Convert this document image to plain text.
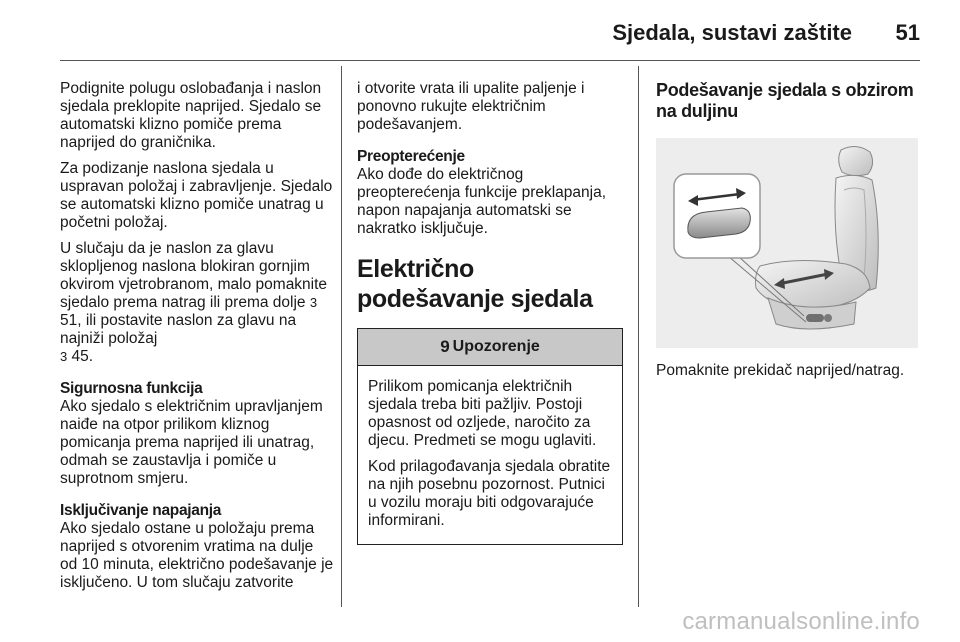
Sjedala, sustavi zaštite 51

Podignite polugu oslobađanja i naslon sjedala preklopite naprijed. Sjedalo se automatski klizno pomiče prema naprijed do graničnika.

Za podizanje naslona sjedala u uspravan položaj i zabravljenje. Sjedalo se automatski klizno pomiče unatrag u početni položaj.

U slučaju da je naslon za glavu sklopljenog naslona blokiran gornjim okvirom vjetrobranom, malo pomaknite sjedalo prema natrag ili prema dolje 3 51, ili postavite naslon za glavu na najniži položaj
3 45.

Sigurnosna funkcija

Ako sjedalo s električnim upravljanjem naiđe na otpor prilikom kliznog pomicanja prema naprijed ili unatrag, odmah se zaustavlja i pomiče u suprotnom smjeru.

Isključivanje napajanja

Ako sjedalo ostane u položaju prema naprijed s otvorenim vratima na dulje od 10 minuta, električno podešavanje je isključeno. U tom slučaju zatvorite

i otvorite vrata ili upalite paljenje i ponovno rukujte električnim podešavanjem.

Preopterećenje

Ako dođe do električnog preopterećenja funkcije preklapanja, napon napajanja automatski se nakratko isključuje.

Električno podešavanje sjedala
9 Upozorenje

Prilikom pomicanja električnih sjedala treba biti pažljiv. Postoji opasnost od ozljede, naročito za djecu. Predmeti se mogu uglaviti.

Kod prilagođavanja sjedala obratite na njih posebnu pozornost. Putnici u vozilu moraju biti odgovarajuće informirani.

Podešavanje sjedala s obzirom na duljinu

Pomaknite prekidač naprijed/natrag.

carmanualsonline.info
